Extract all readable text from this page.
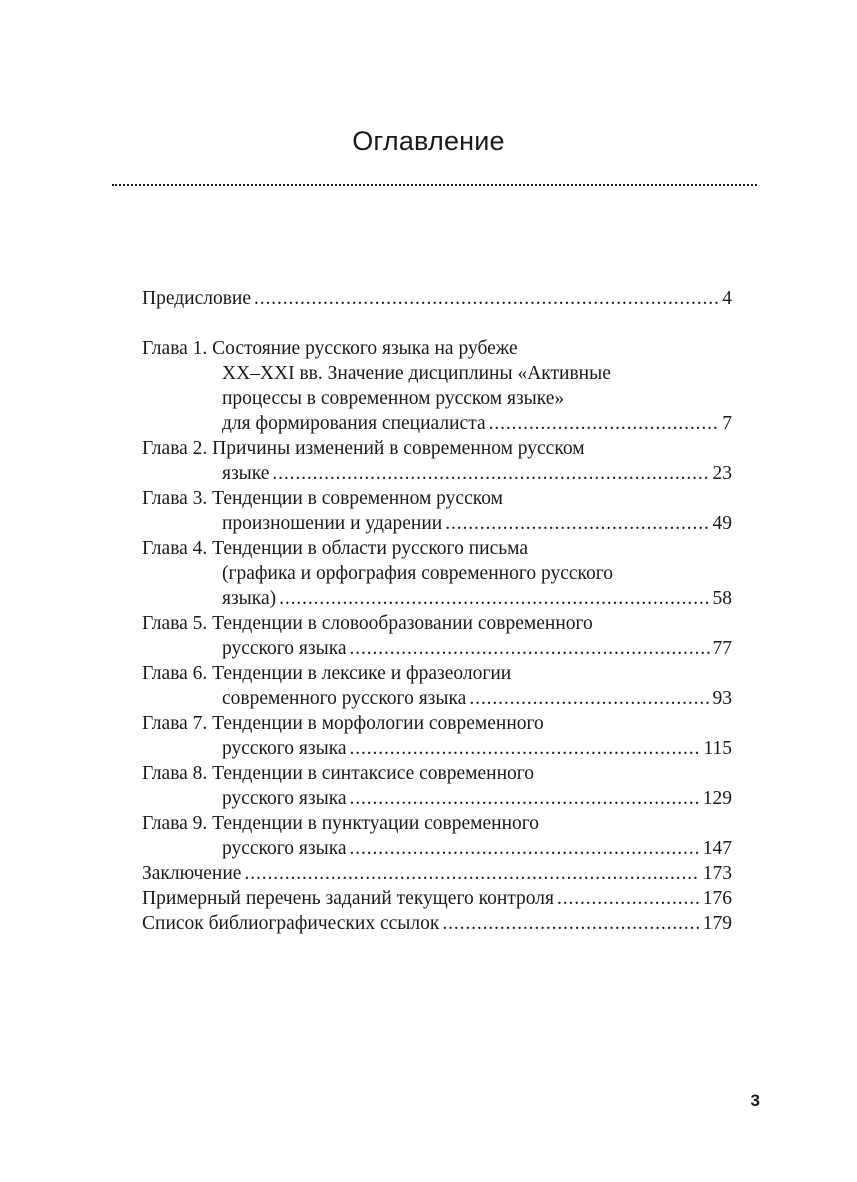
Оглавление
Предисловие . . .	4
Глава 1. Состояние русского языка на рубеже
XX–XXI вв. Значение дисциплины «Активные
процессы в современном русском языке»
для формирования специалиста . . .	7
Глава 2. Причины изменений в современном русском
языке . . .	23
Глава 3. Тенденции в современном русском
произношении и ударении . . .	49
Глава 4. Тенденции в области русского письма
(графика и орфография современного русского
языка) . . .	58
Глава 5. Тенденции в словообразовании современного
русского языка . . .	77
Глава 6. Тенденции в лексике и фразеологии
современного русского языка . . .	93
Глава 7. Тенденции в морфологии современного
русского языка . . .	115
Глава 8. Тенденции в синтаксисе современного
русского языка . . .	129
Глава 9. Тенденции в пунктуации современного
русского языка . . .	147
Заключение . . .	173
Примерный перечень заданий текущего контроля . . .	176
Список библиографических ссылок . . .	179
3
